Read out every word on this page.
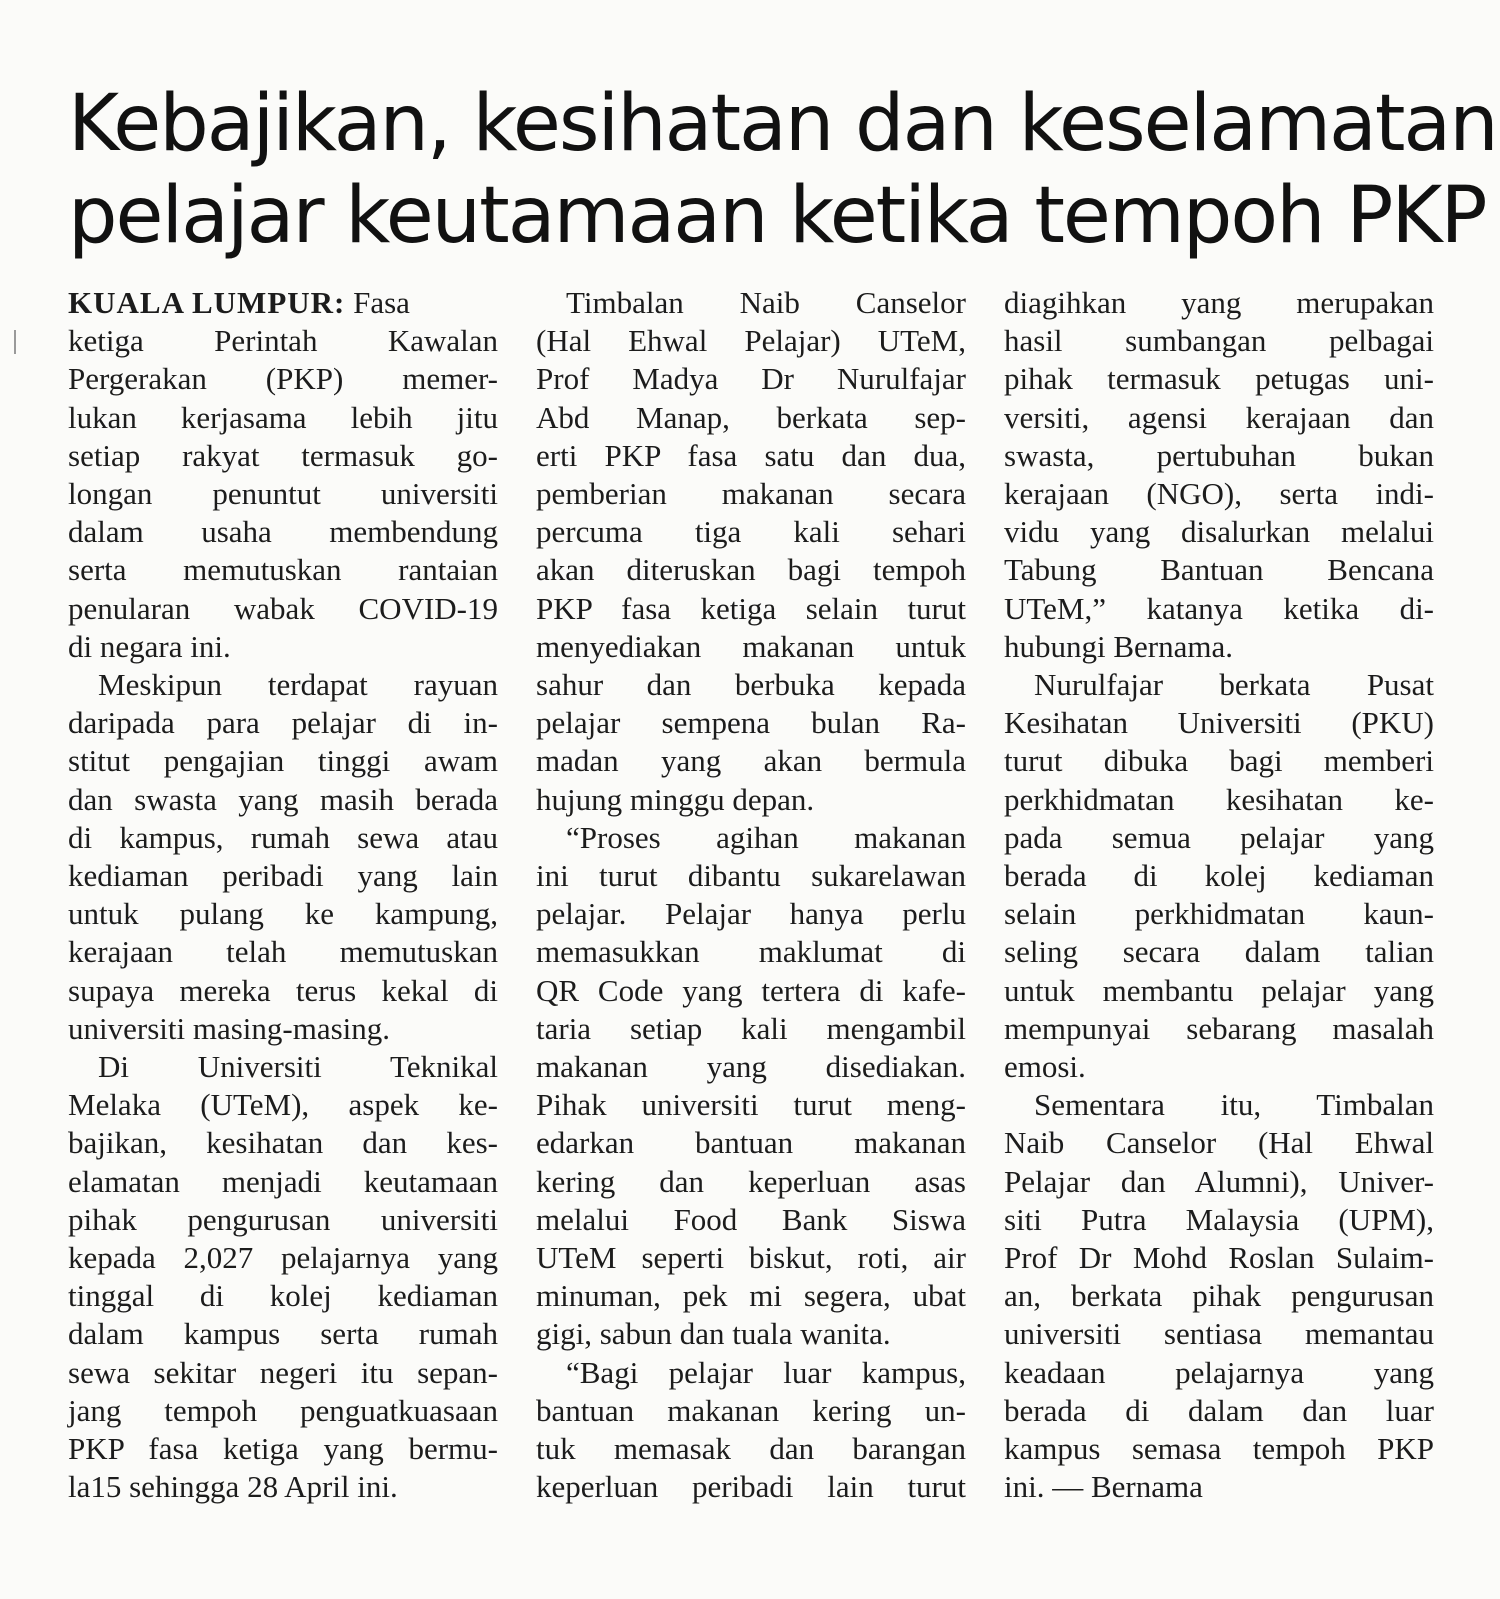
Kebajikan, kesihatan dan keselamatan
pelajar keutamaan ketika tempoh PKP
KUALA LUMPUR: Fasa
ketiga Perintah Kawalan
Pergerakan (PKP) memer-
lukan kerjasama lebih jitu
setiap rakyat termasuk go-
longan penuntut universiti
dalam usaha membendung
serta memutuskan rantaian
penularan wabak COVID-19
di negara ini.
Meskipun terdapat rayuan
daripada para pelajar di in-
stitut pengajian tinggi awam
dan swasta yang masih berada
di kampus, rumah sewa atau
kediaman peribadi yang lain
untuk pulang ke kampung,
kerajaan telah memutuskan
supaya mereka terus kekal di
universiti masing-masing.
Di Universiti Teknikal
Melaka (UTeM), aspek ke-
bajikan, kesihatan dan kes-
elamatan menjadi keutamaan
pihak pengurusan universiti
kepada 2,027 pelajarnya yang
tinggal di kolej kediaman
dalam kampus serta rumah
sewa sekitar negeri itu sepan-
jang tempoh penguatkuasaan
PKP fasa ketiga yang bermu-
la15 sehingga 28 April ini.
Timbalan Naib Canselor
(Hal Ehwal Pelajar) UTeM,
Prof Madya Dr Nurulfajar
Abd Manap, berkata sep-
erti PKP fasa satu dan dua,
pemberian makanan secara
percuma tiga kali sehari
akan diteruskan bagi tempoh
PKP fasa ketiga selain turut
menyediakan makanan untuk
sahur dan berbuka kepada
pelajar sempena bulan Ra-
madan yang akan bermula
hujung minggu depan.
“Proses agihan makanan
ini turut dibantu sukarelawan
pelajar. Pelajar hanya perlu
memasukkan maklumat di
QR Code yang tertera di kafe-
taria setiap kali mengambil
makanan yang disediakan.
Pihak universiti turut meng-
edarkan bantuan makanan
kering dan keperluan asas
melalui Food Bank Siswa
UTeM seperti biskut, roti, air
minuman, pek mi segera, ubat
gigi, sabun dan tuala wanita.
“Bagi pelajar luar kampus,
bantuan makanan kering un-
tuk memasak dan barangan
keperluan peribadi lain turut
diagihkan yang merupakan
hasil sumbangan pelbagai
pihak termasuk petugas uni-
versiti, agensi kerajaan dan
swasta, pertubuhan bukan
kerajaan (NGO), serta indi-
vidu yang disalurkan melalui
Tabung Bantuan Bencana
UTeM,” katanya ketika di-
hubungi Bernama.
Nurulfajar berkata Pusat
Kesihatan Universiti (PKU)
turut dibuka bagi memberi
perkhidmatan kesihatan ke-
pada semua pelajar yang
berada di kolej kediaman
selain perkhidmatan kaun-
seling secara dalam talian
untuk membantu pelajar yang
mempunyai sebarang masalah
emosi.
Sementara itu, Timbalan
Naib Canselor (Hal Ehwal
Pelajar dan Alumni), Univer-
siti Putra Malaysia (UPM),
Prof Dr Mohd Roslan Sulaim-
an, berkata pihak pengurusan
universiti sentiasa memantau
keadaan pelajarnya yang
berada di dalam dan luar
kampus semasa tempoh PKP
ini. — Bernama
